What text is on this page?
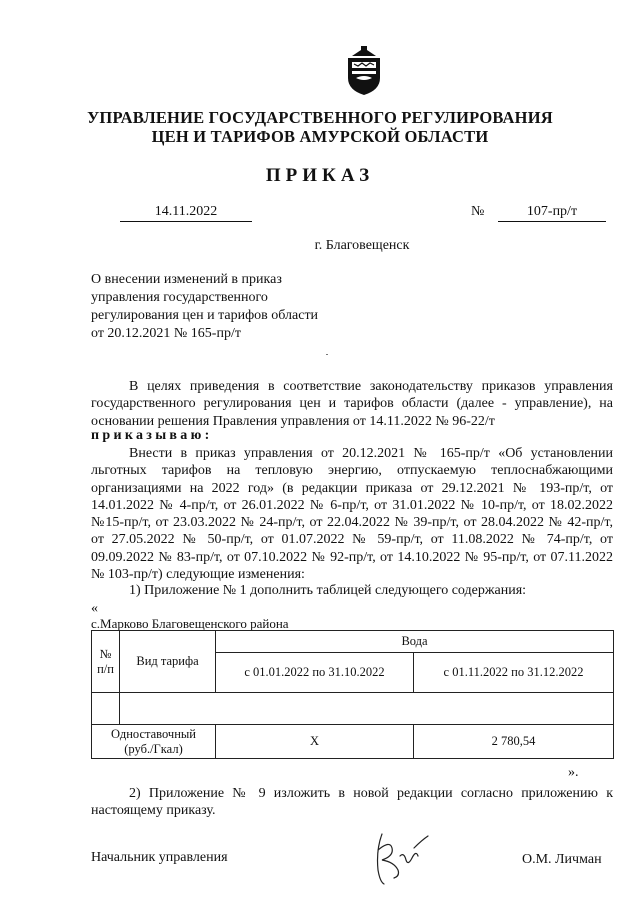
УПРАВЛЕНИЕ ГОСУДАРСТВЕННОГО РЕГУЛИРОВАНИЯ
ЦЕН И ТАРИФОВ АМУРСКОЙ ОБЛАСТИ
ПРИКАЗ
14.11.2022	№	107-пр/т
г. Благовещенск
О внесении изменений в приказ
управления государственного
регулирования цен и тарифов области
от 20.12.2021 № 165-пр/т
В целях приведения в соответствие законодательству приказов управления государственного регулирования цен и тарифов области (далее - управление), на основании решения Правления управления от 14.11.2022 № 96-22/т
приказываю:
Внести в приказ управления от 20.12.2021 № 165-пр/т «Об установлении льготных тарифов на тепловую энергию, отпускаемую теплоснабжающими организациями на 2022 год» (в редакции приказа от 29.12.2021 № 193-пр/т, от 14.01.2022 № 4-пр/т, от 26.01.2022 № 6-пр/т, от 31.01.2022 № 10-пр/т, от 18.02.2022 №15-пр/т, от 23.03.2022 № 24-пр/т, от 22.04.2022 № 39-пр/т, от 28.04.2022 № 42-пр/т, от 27.05.2022 № 50-пр/т, от 01.07.2022 № 59-пр/т, от 11.08.2022 № 74-пр/т, от 09.09.2022 № 83-пр/т, от 07.10.2022 № 92-пр/т, от 14.10.2022 № 95-пр/т, от 07.11.2022 № 103-пр/т) следующие изменения:
1) Приложение № 1 дополнить таблицей следующего содержания:
«
с.Марково Благовещенского района
№ п/п	Вид тарифа	Вода	
		с 01.01.2022 по 31.10.2022	с 01.11.2022 по 31.12.2022

Одноставочный (руб./Гкал)		Х	2 780,54
».
2) Приложение № 9 изложить в новой редакции согласно приложению к настоящему приказу.
Начальник управления	О.М. Личман
